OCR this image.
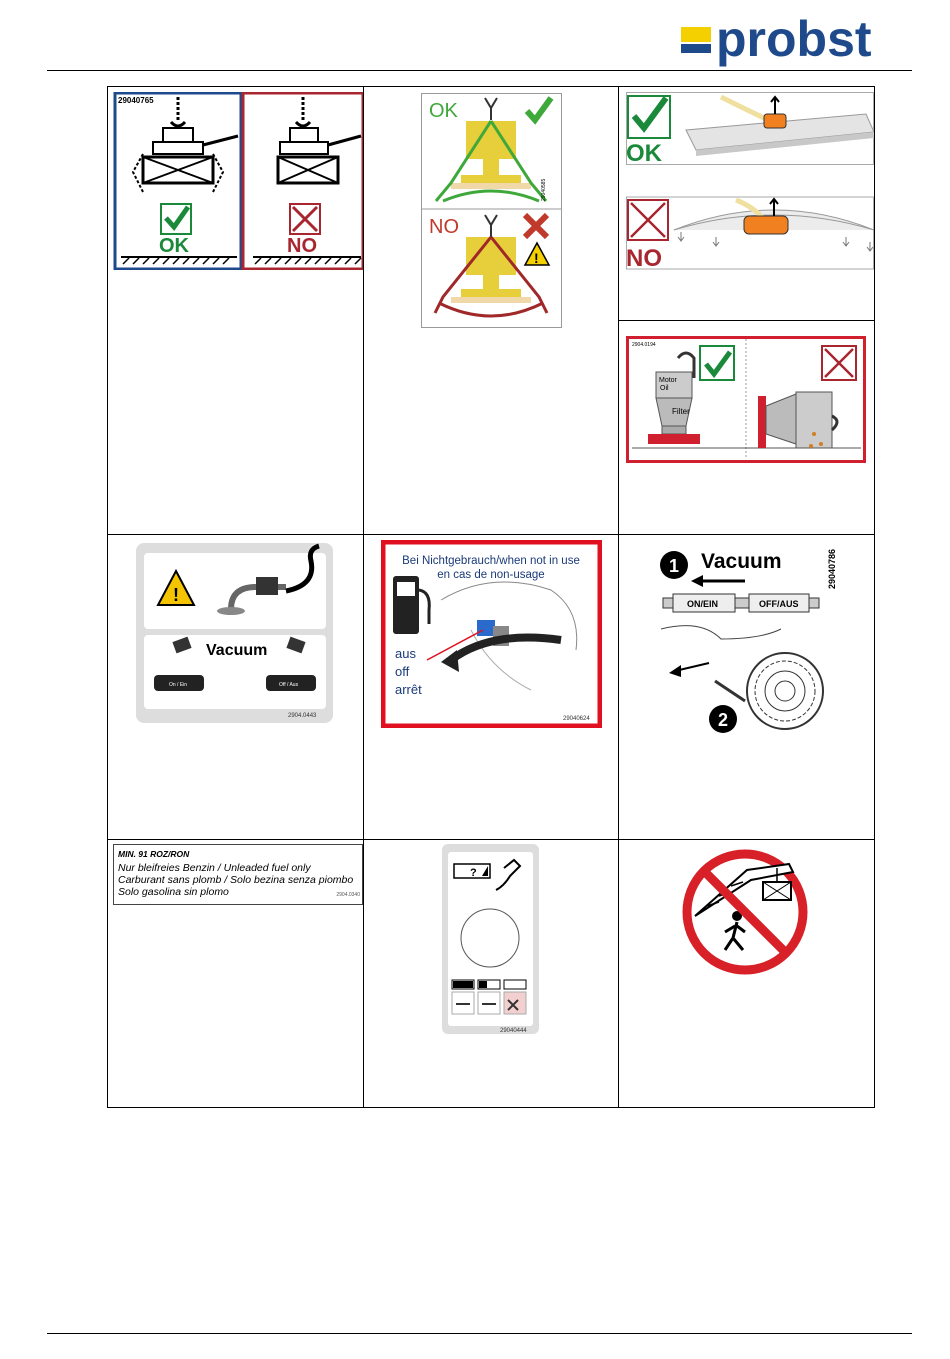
probst
29040765
OK	NO
OK
29040585
NO
!
OK
NO
2904.0194
Motor Oil
Filter
!
Vacuum
On / Ein	Off / Aus
2904.0443
Bei Nichtgebrauch/when not in use
en cas de non-usage
aus
off
arrêt
29040624
1 Vacuum	29040786
ON/EIN	OFF/AUS
2
MIN. 91 ROZ/RON
Nur bleifreies Benzin / Unleaded fuel only
Carburant sans plomb / Solo bezina senza piombo
Solo gasolina sin plomo	2904.0340
?
29040444
